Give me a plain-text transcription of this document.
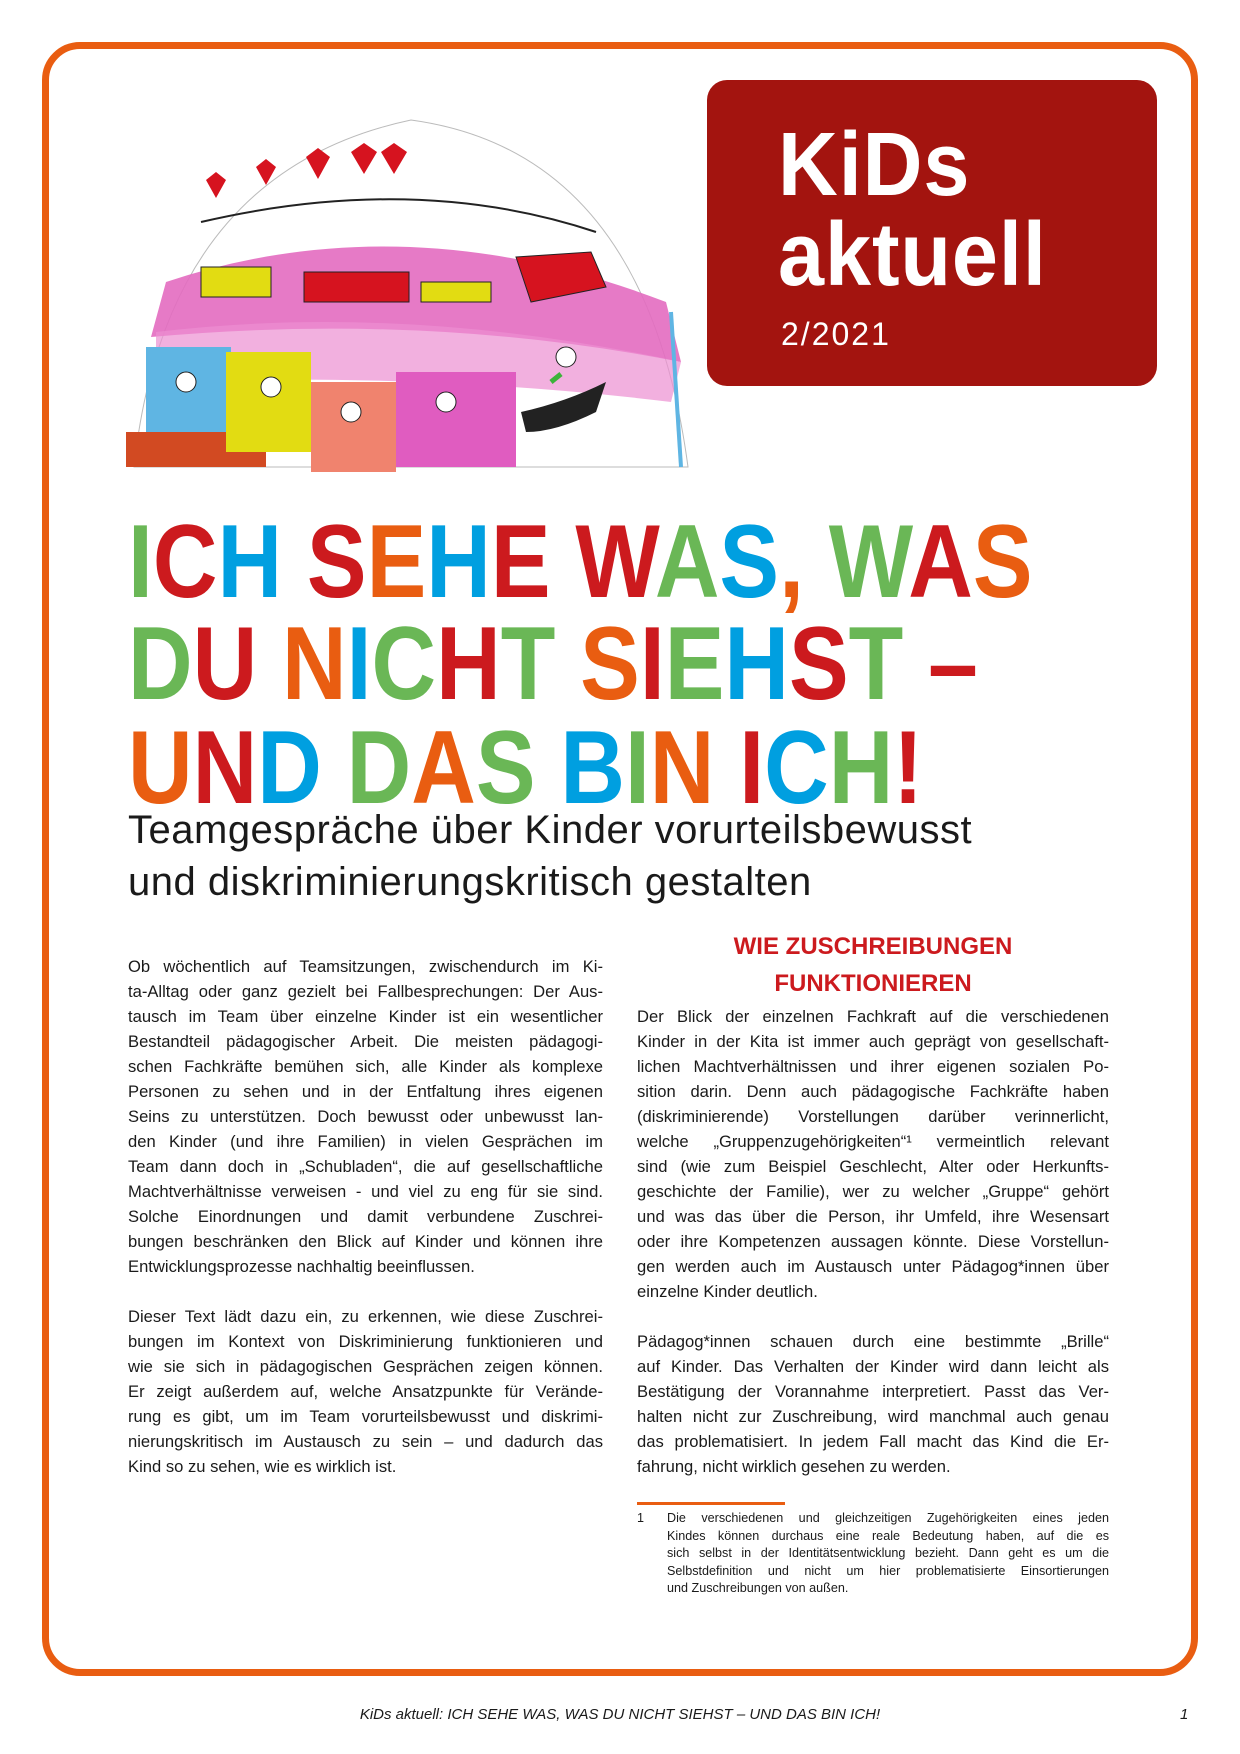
KiDs
aktuell
2/2021
ICH SEHE WAS, WAS
DU NICHT SIEHST –
UND DAS BIN ICH!
Teamgespräche über Kinder vorurteilsbewusst
und diskriminierungskritisch gestalten
Ob wöchentlich auf Teamsitzungen, zwischendurch im Ki-
ta-Alltag oder ganz gezielt bei Fallbesprechungen: Der Aus-
tausch im Team über einzelne Kinder ist ein wesentlicher
Bestandteil pädagogischer Arbeit. Die meisten pädagogi-
schen Fachkräfte bemühen sich, alle Kinder als komplexe
Personen zu sehen und in der Entfaltung ihres eigenen
Seins zu unterstützen. Doch bewusst oder unbewusst lan-
den Kinder (und ihre Familien) in vielen Gesprächen im
Team dann doch in „Schubladen“, die auf gesellschaftliche
Machtverhältnisse verweisen - und viel zu eng für sie sind.
Solche Einordnungen und damit verbundene Zuschrei-
bungen beschränken den Blick auf Kinder und können ihre
Entwicklungsprozesse nachhaltig beeinflussen.
Dieser Text lädt dazu ein, zu erkennen, wie diese Zuschrei-
bungen im Kontext von Diskriminierung funktionieren und
wie sie sich in pädagogischen Gesprächen zeigen können.
Er zeigt außerdem auf, welche Ansatzpunkte für Verände-
rung es gibt, um im Team vorurteilsbewusst und diskrimi-
nierungskritisch im Austausch zu sein – und dadurch das
Kind so zu sehen, wie es wirklich ist.
WIE ZUSCHREIBUNGEN
FUNKTIONIEREN
Der Blick der einzelnen Fachkraft auf die verschiedenen
Kinder in der Kita ist immer auch geprägt von gesellschaft-
lichen Machtverhältnissen und ihrer eigenen sozialen Po-
sition darin. Denn auch pädagogische Fachkräfte haben
(diskriminierende) Vorstellungen darüber verinnerlicht,
welche „Gruppenzugehörigkeiten“¹ vermeintlich relevant
sind (wie zum Beispiel Geschlecht, Alter oder Herkunfts-
geschichte der Familie), wer zu welcher „Gruppe“ gehört
und was das über die Person, ihr Umfeld, ihre Wesensart
oder ihre Kompetenzen aussagen könnte. Diese Vorstellun-
gen werden auch im Austausch unter Pädagog*innen über
einzelne Kinder deutlich.
Pädagog*innen schauen durch eine bestimmte „Brille“
auf Kinder. Das Verhalten der Kinder wird dann leicht als
Bestätigung der Vorannahme interpretiert. Passt das Ver-
halten nicht zur Zuschreibung, wird manchmal auch genau
das problematisiert. In jedem Fall macht das Kind die Er-
fahrung, nicht wirklich gesehen zu werden.
1 Die verschiedenen und gleichzeitigen Zugehörigkeiten eines jeden
Kindes können durchaus eine reale Bedeutung haben, auf die es
sich selbst in der Identitätsentwicklung bezieht. Dann geht es um die
Selbstdefinition und nicht um hier problematisierte Einsortierungen
und Zuschreibungen von außen.
KiDs aktuell: ICH SEHE WAS, WAS DU NICHT SIEHST – UND DAS BIN ICH!	1
